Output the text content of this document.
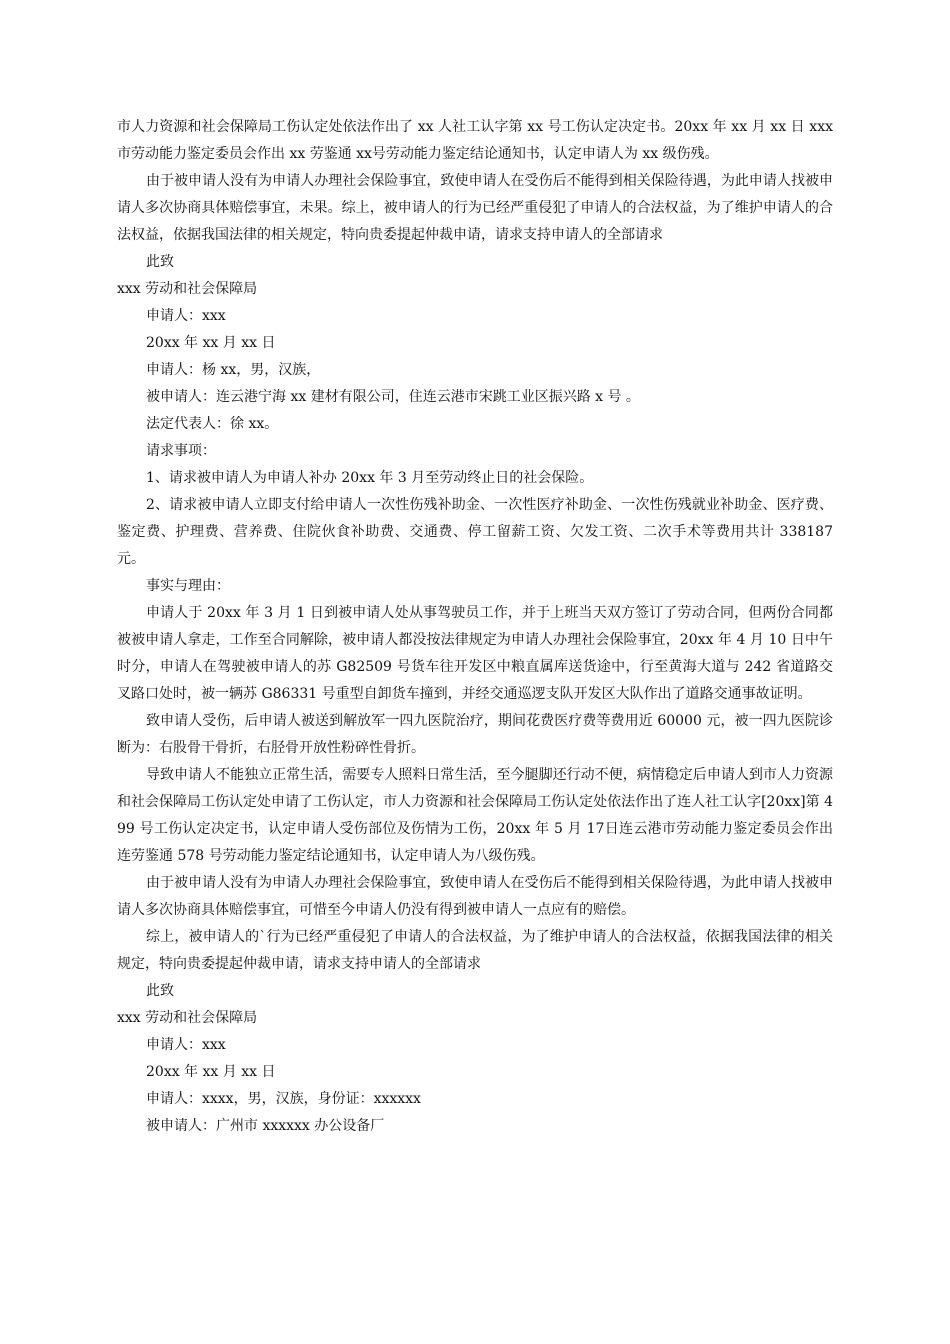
市人力资源和社会保障局工伤认定处依法作出了 xx 人社工认字第 xx 号工伤认定决定书。20xx 年 xx 月 xx 日 xxx 市劳动能力鉴定委员会作出 xx 劳鉴通 xx号劳动能力鉴定结论通知书，认定申请人为 xx 级伤残。

由于被申请人没有为申请人办理社会保险事宜，致使申请人在受伤后不能得到相关保险待遇，为此申请人找被申请人多次协商具体赔偿事宜，未果。综上，被申请人的行为已经严重侵犯了申请人的合法权益，为了维护申请人的合法权益，依据我国法律的相关规定，特向贵委提起仲裁申请，请求支持申请人的全部请求

此致

xxx 劳动和社会保障局

申请人：xxx

20xx 年 xx 月 xx 日

申请人：杨 xx，男，汉族，

被申请人：连云港宁海 xx 建材有限公司，住连云港市宋跳工业区振兴路 x 号 。

法定代表人：徐 xx。

请求事项：

1、请求被申请人为申请人补办 20xx 年 3 月至劳动终止日的社会保险。

2、请求被申请人立即支付给申请人一次性伤残补助金、一次性医疗补助金、一次性伤残就业补助金、医疗费、鉴定费、护理费、营养费、住院伙食补助费、交通费、停工留薪工资、欠发工资、二次手术等费用共计 338187 元。

事实与理由：

申请人于 20xx 年 3 月 1 日到被申请人处从事驾驶员工作，并于上班当天双方签订了劳动合同，但两份合同都被被申请人拿走，工作至合同解除，被申请人都没按法律规定为申请人办理社会保险事宜，20xx 年 4 月 10 日中午时分，申请人在驾驶被申请人的苏 G82509 号货车往开发区中粮直属库送货途中，行至黄海大道与 242 省道路交叉路口处时，被一辆苏 G86331 号重型自卸货车撞到，并经交通巡逻支队开发区大队作出了道路交通事故证明。

致申请人受伤，后申请人被送到解放军一四九医院治疗，期间花费医疗费等费用近 60000 元，被一四九医院诊断为：右股骨干骨折，右胫骨开放性粉碎性骨折。

导致申请人不能独立正常生活，需要专人照料日常生活，至今腿脚还行动不便，病情稳定后申请人到市人力资源和社会保障局工伤认定处申请了工伤认定，市人力资源和社会保障局工伤认定处依法作出了连人社工认字[20xx]第 499 号工伤认定决定书，认定申请人受伤部位及伤情为工伤，20xx 年 5 月 17日连云港市劳动能力鉴定委员会作出连劳鉴通 578 号劳动能力鉴定结论通知书，认定申请人为八级伤残。

由于被申请人没有为申请人办理社会保险事宜，致使申请人在受伤后不能得到相关保险待遇，为此申请人找被申请人多次协商具体赔偿事宜，可惜至今申请人仍没有得到被申请人一点应有的赔偿。

综上，被申请人的`行为已经严重侵犯了申请人的合法权益，为了维护申请人的合法权益，依据我国法律的相关规定，特向贵委提起仲裁申请，请求支持申请人的全部请求

此致

xxx 劳动和社会保障局

申请人：xxx

20xx 年 xx 月 xx 日

申请人：xxxx，男，汉族，身份证：xxxxxx

被申请人：广州市 xxxxxx 办公设备厂
